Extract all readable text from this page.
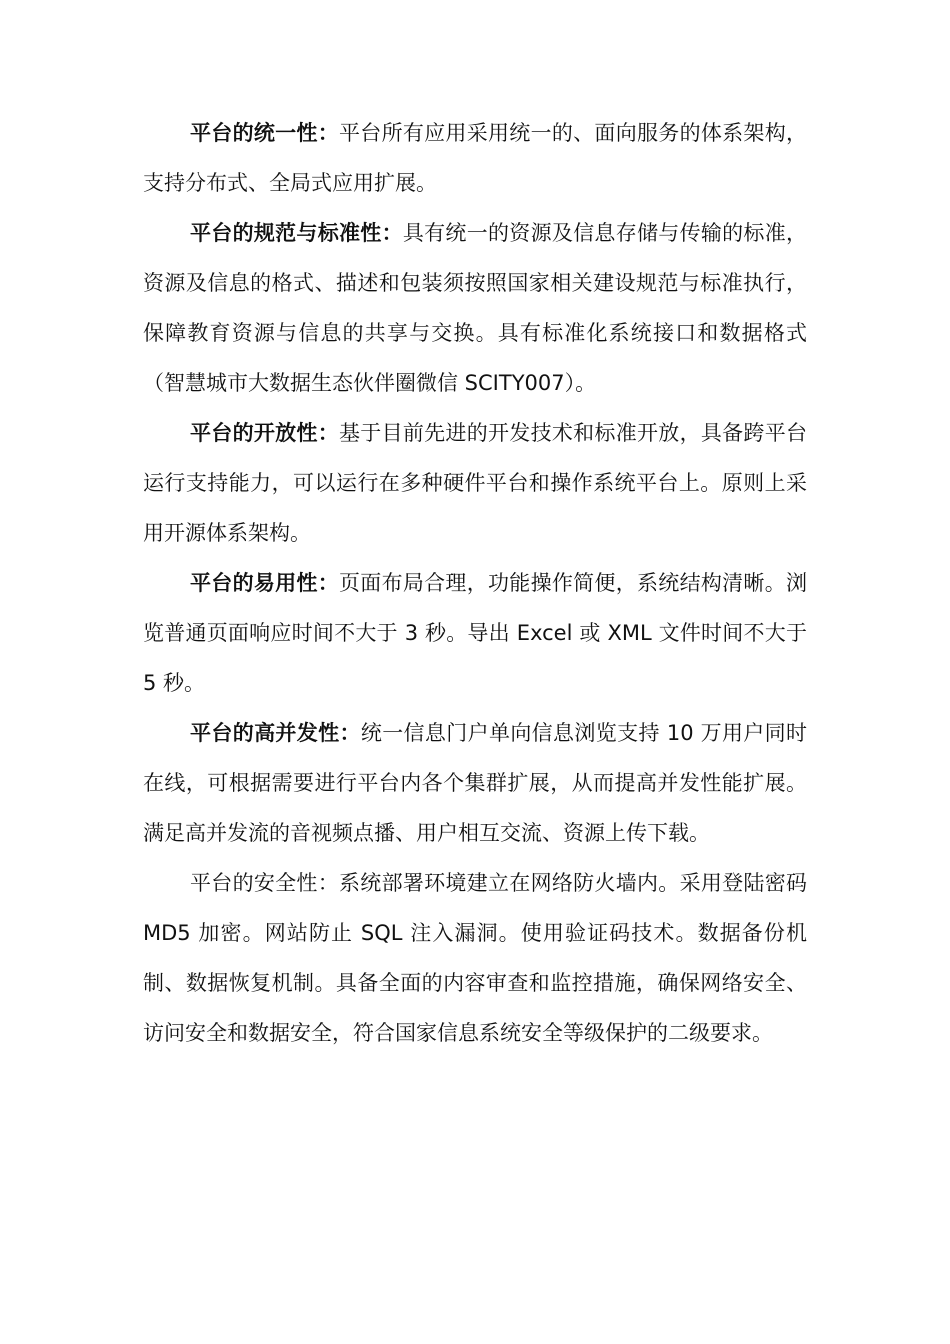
平台的统一性：平台所有应用采用统一的、面向服务的体系架构，支持分布式、全局式应用扩展。

平台的规范与标准性：具有统一的资源及信息存储与传输的标准，资源及信息的格式、描述和包装须按照国家相关建设规范与标准执行，保障教育资源与信息的共享与交换。具有标准化系统接口和数据格式（智慧城市大数据生态伙伴圈微信 SCITY007）。

平台的开放性：基于目前先进的开发技术和标准开放，具备跨平台运行支持能力，可以运行在多种硬件平台和操作系统平台上。原则上采用开源体系架构。

平台的易用性：页面布局合理，功能操作简便，系统结构清晰。浏览普通页面响应时间不大于 3 秒。导出 Excel 或 XML 文件时间不大于 5 秒。

平台的高并发性：统一信息门户单向信息浏览支持 10 万用户同时在线，可根据需要进行平台内各个集群扩展，从而提高并发性能扩展。满足高并发流的音视频点播、用户相互交流、资源上传下载。

平台的安全性：系统部署环境建立在网络防火墙内。采用登陆密码 MD5 加密。网站防止 SQL 注入漏洞。使用验证码技术。数据备份机制、数据恢复机制。具备全面的内容审查和监控措施，确保网络安全、访问安全和数据安全，符合国家信息系统安全等级保护的二级要求。
